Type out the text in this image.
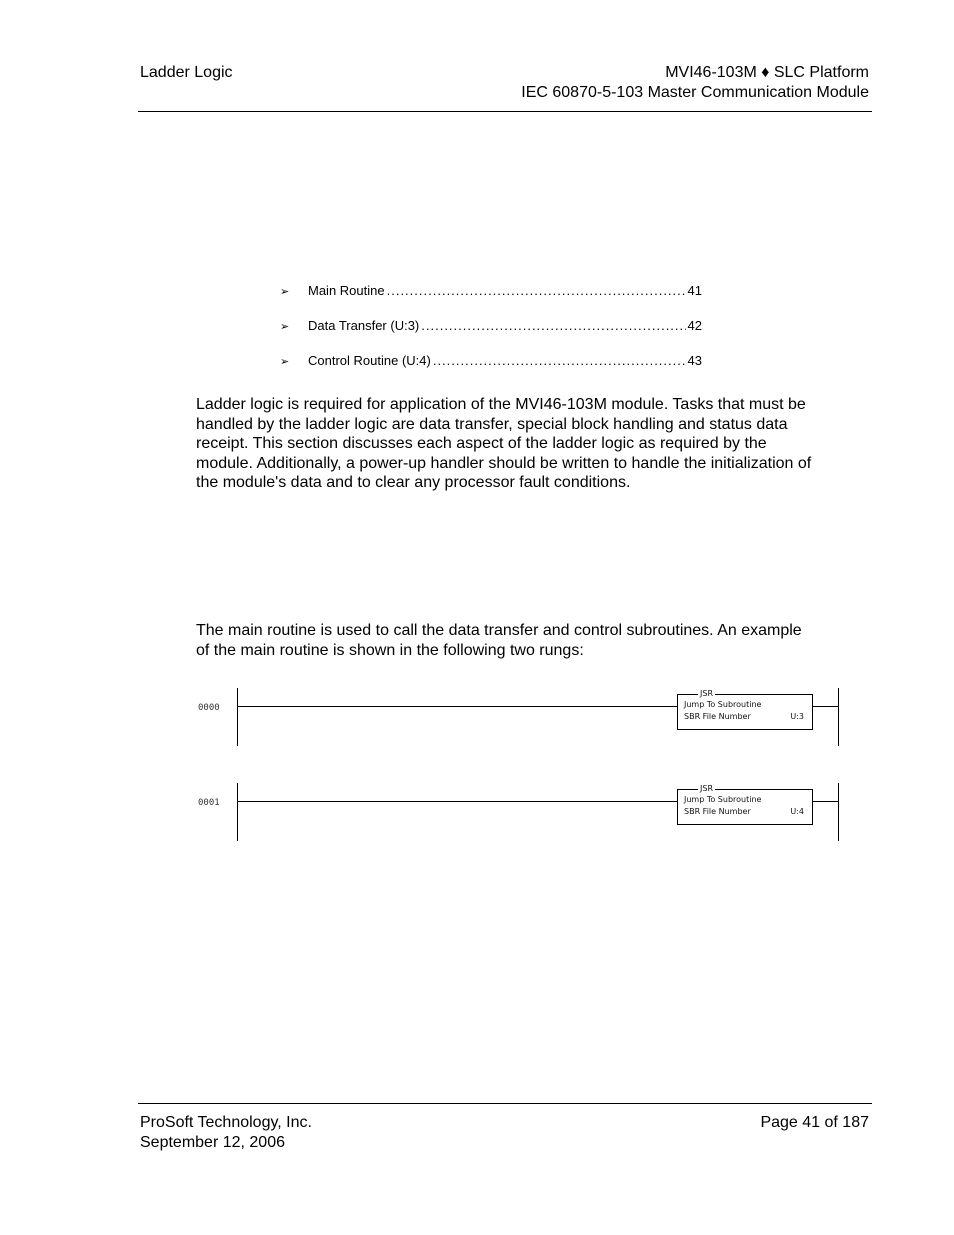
Ladder Logic	MVI46-103M ♦ SLC Platform
IEC 60870-5-103 Master Communication Module
➢	Main Routine .....	41
➢	Data Transfer (U:3) .....	42
➢	Control Routine (U:4) .....	43
Ladder logic is required for application of the MVI46-103M module. Tasks that must be handled by the ladder logic are data transfer, special block handling and status data receipt. This section discusses each aspect of the ladder logic as required by the module. Additionally, a power-up handler should be written to handle the initialization of the module's data and to clear any processor fault conditions.
The main routine is used to call the data transfer and control subroutines. An example of the main routine is shown in the following two rungs:
0000
JSR
Jump To Subroutine
SBR File Number	U:3
0001
JSR
Jump To Subroutine
SBR File Number	U:4
ProSoft Technology, Inc.
September 12, 2006
Page 41 of 187
